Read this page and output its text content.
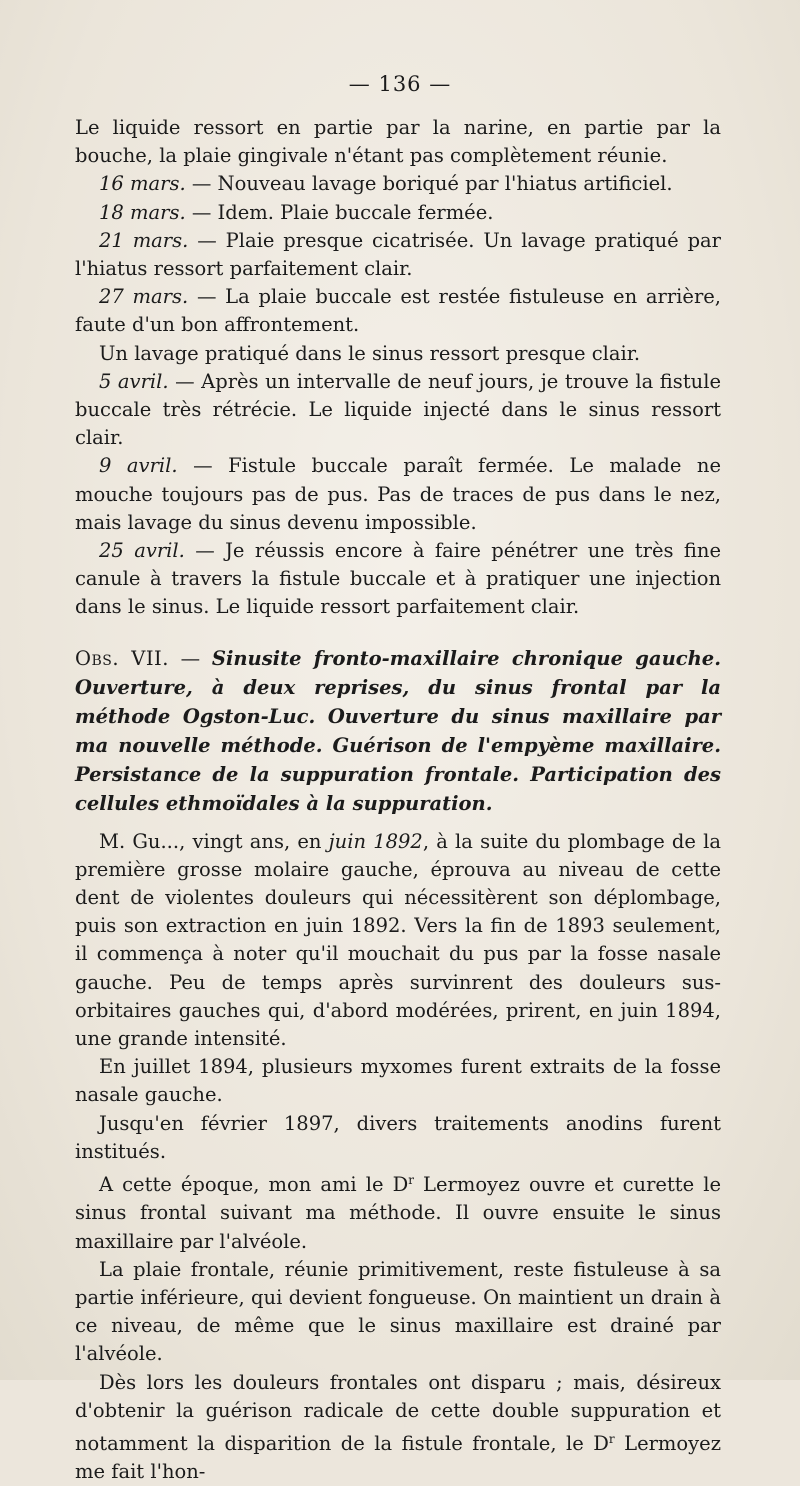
— 136 —

Le liquide ressort en partie par la narine, en partie par la bouche, la plaie gingivale n'étant pas complètement réunie.

16 mars. — Nouveau lavage boriqué par l'hiatus artificiel.

18 mars. — Idem. Plaie buccale fermée.

21 mars. — Plaie presque cicatrisée. Un lavage pratiqué par l'hiatus ressort parfaitement clair.

27 mars. — La plaie buccale est restée fistuleuse en arrière, faute d'un bon affrontement.

Un lavage pratiqué dans le sinus ressort presque clair.

5 avril. — Après un intervalle de neuf jours, je trouve la fistule buccale très rétrécie. Le liquide injecté dans le sinus ressort clair.

9 avril. — Fistule buccale paraît fermée. Le malade ne mouche toujours pas de pus. Pas de traces de pus dans le nez, mais lavage du sinus devenu impossible.

25 avril. — Je réussis encore à faire pénétrer une très fine canule à travers la fistule buccale et à pratiquer une injection dans le sinus. Le liquide ressort parfaitement clair.

Obs. VII. — Sinusite fronto-maxillaire chronique gauche. Ouverture, à deux reprises, du sinus frontal par la méthode Ogston-Luc. Ouverture du sinus maxillaire par ma nouvelle méthode. Guérison de l'empyème maxillaire. Persistance de la suppuration frontale. Participation des cellules ethmoïdales à la suppuration.

M. Gu..., vingt ans, en juin 1892, à la suite du plombage de la première grosse molaire gauche, éprouva au niveau de cette dent de violentes douleurs qui nécessitèrent son déplombage, puis son extraction en juin 1892. Vers la fin de 1893 seulement, il commença à noter qu'il mouchait du pus par la fosse nasale gauche. Peu de temps après survinrent des douleurs sus-orbitaires gauches qui, d'abord modérées, prirent, en juin 1894, une grande intensité.

En juillet 1894, plusieurs myxomes furent extraits de la fosse nasale gauche.

Jusqu'en février 1897, divers traitements anodins furent institués.

A cette époque, mon ami le $D^r$ Lermoyez ouvre et curette le sinus frontal suivant ma méthode. Il ouvre ensuite le sinus maxillaire par l'alvéole.

La plaie frontale, réunie primitivement, reste fistuleuse à sa partie inférieure, qui devient fongueuse. On maintient un drain à ce niveau, de même que le sinus maxillaire est drainé par l'alvéole.

Dès lors les douleurs frontales ont disparu ; mais, désireux d'obtenir la guérison radicale de cette double suppuration et notamment la disparition de la fistule frontale, le $D^r$ Lermoyez me fait l'hon-
